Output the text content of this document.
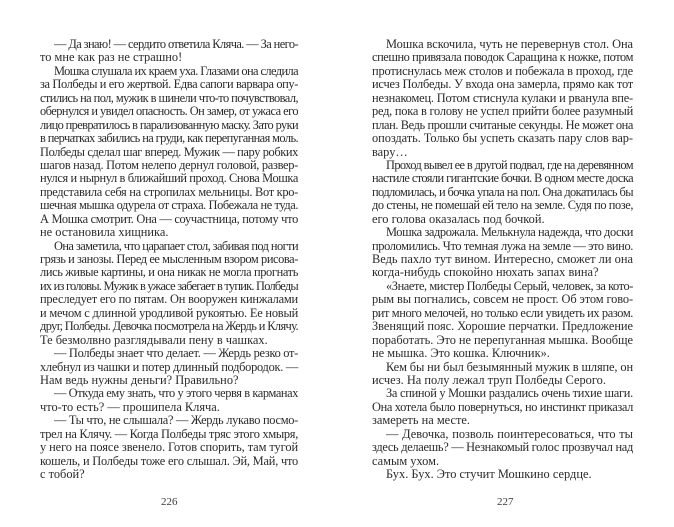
— Да знаю! — сердито ответила Кляча. — За него-
то мне как раз не страшно!
Мошка слушала их краем уха. Глазами она следила
за Полбеды и его жертвой. Едва сапоги варвара опу-
стились на пол, мужик в шинели что-то почувствовал,
обернулся и увидел опасность. Он замер, от ужаса его
лицо превратилось в парализованную маску. Зато руки
в перчатках забились на груди, как перепуганная моль.
Полбеды сделал шаг вперед. Мужик — пару робких
шагов назад. Потом нелепо дернул головой, развер-
нулся и нырнул в ближайший проход. Снова Мошка
представила себя на стропилах мельницы. Вот кро-
шечная мышка одурела от страха. Побежала не туда.
А Мошка смотрит. Она — соучастница, потому что
не остановила хищника.
Она заметила, что царапает стол, забивая под ногти
грязь и занозы. Перед ее мысленным взором рисова-
лись живые картины, и она никак не могла прогнать
их из головы. Мужик в ужасе забегает в тупик. Полбеды
преследует его по пятам. Он вооружен кинжалами
и мечом с длинной уродливой рукоятью. Ее новый
друг, Полбеды. Девочка посмотрела на Жердь и Клячу.
Те безмолвно разглядывали пену в чашках.
— Полбеды знает что делает. — Жердь резко от-
хлебнул из чашки и потер длинный подбородок. —
Нам ведь нужны деньги? Правильно?
— Откуда ему знать, что у этого червя в карманах
что-то есть? — прошипела Кляча.
— Ты что, не слышала? — Жердь лукаво посмо-
трел на Клячу. — Когда Полбеды тряс этого хмыря,
у него на поясе звенело. Готов спорить, там тугой
кошель, и Полбеды тоже его слышал. Эй, Май, что
с тобой?
226
Мошка вскочила, чуть не перевернув стол. Она
спешно привязала поводок Саращина к ножке, потом
протиснулась меж столов и побежала в проход, где
исчез Полбеды. У входа она замерла, прямо как тот
незнакомец. Потом стиснула кулаки и рванула впе-
ред, пока в голову не успел прийти более разумный
план. Ведь прошли считаные секунды. Не может она
опоздать. Только бы успеть сказать пару слов вар-
вару…
Проход вывел ее в другой подвал, где на деревянном
настиле стояли гигантские бочки. В одном месте доска
подломилась, и бочка упала на пол. Она докатилась бы
до стены, не помешай ей тело на земле. Судя по позе,
его голова оказалась под бочкой.
Мошка задрожала. Мелькнула надежда, что доски
проломились. Что темная лужа на земле — это вино.
Ведь пахло тут вином. Интересно, сможет ли она
когда-нибудь спокойно нюхать запах вина?
«Знаете, мистер Полбеды Серый, человек, за кото-
рым вы погнались, совсем не прост. Об этом гово-
рит много мелочей, но только если увидеть их разом.
Звенящий пояс. Хорошие перчатки. Предложение
поработать. Это не перепуганная мышка. Вообще
не мышка. Это кошка. Ключник».
Кем бы ни был безымянный мужик в шляпе, он
исчез. На полу лежал труп Полбеды Серого.
За спиной у Мошки раздались очень тихие шаги.
Она хотела было повернуться, но инстинкт приказал
замереть на месте.
— Девочка, позволь поинтересоваться, что ты
здесь делаешь? — Незнакомый голос прозвучал над
самым ухом.
Бух. Бух. Это стучит Мошкино сердце.
227
